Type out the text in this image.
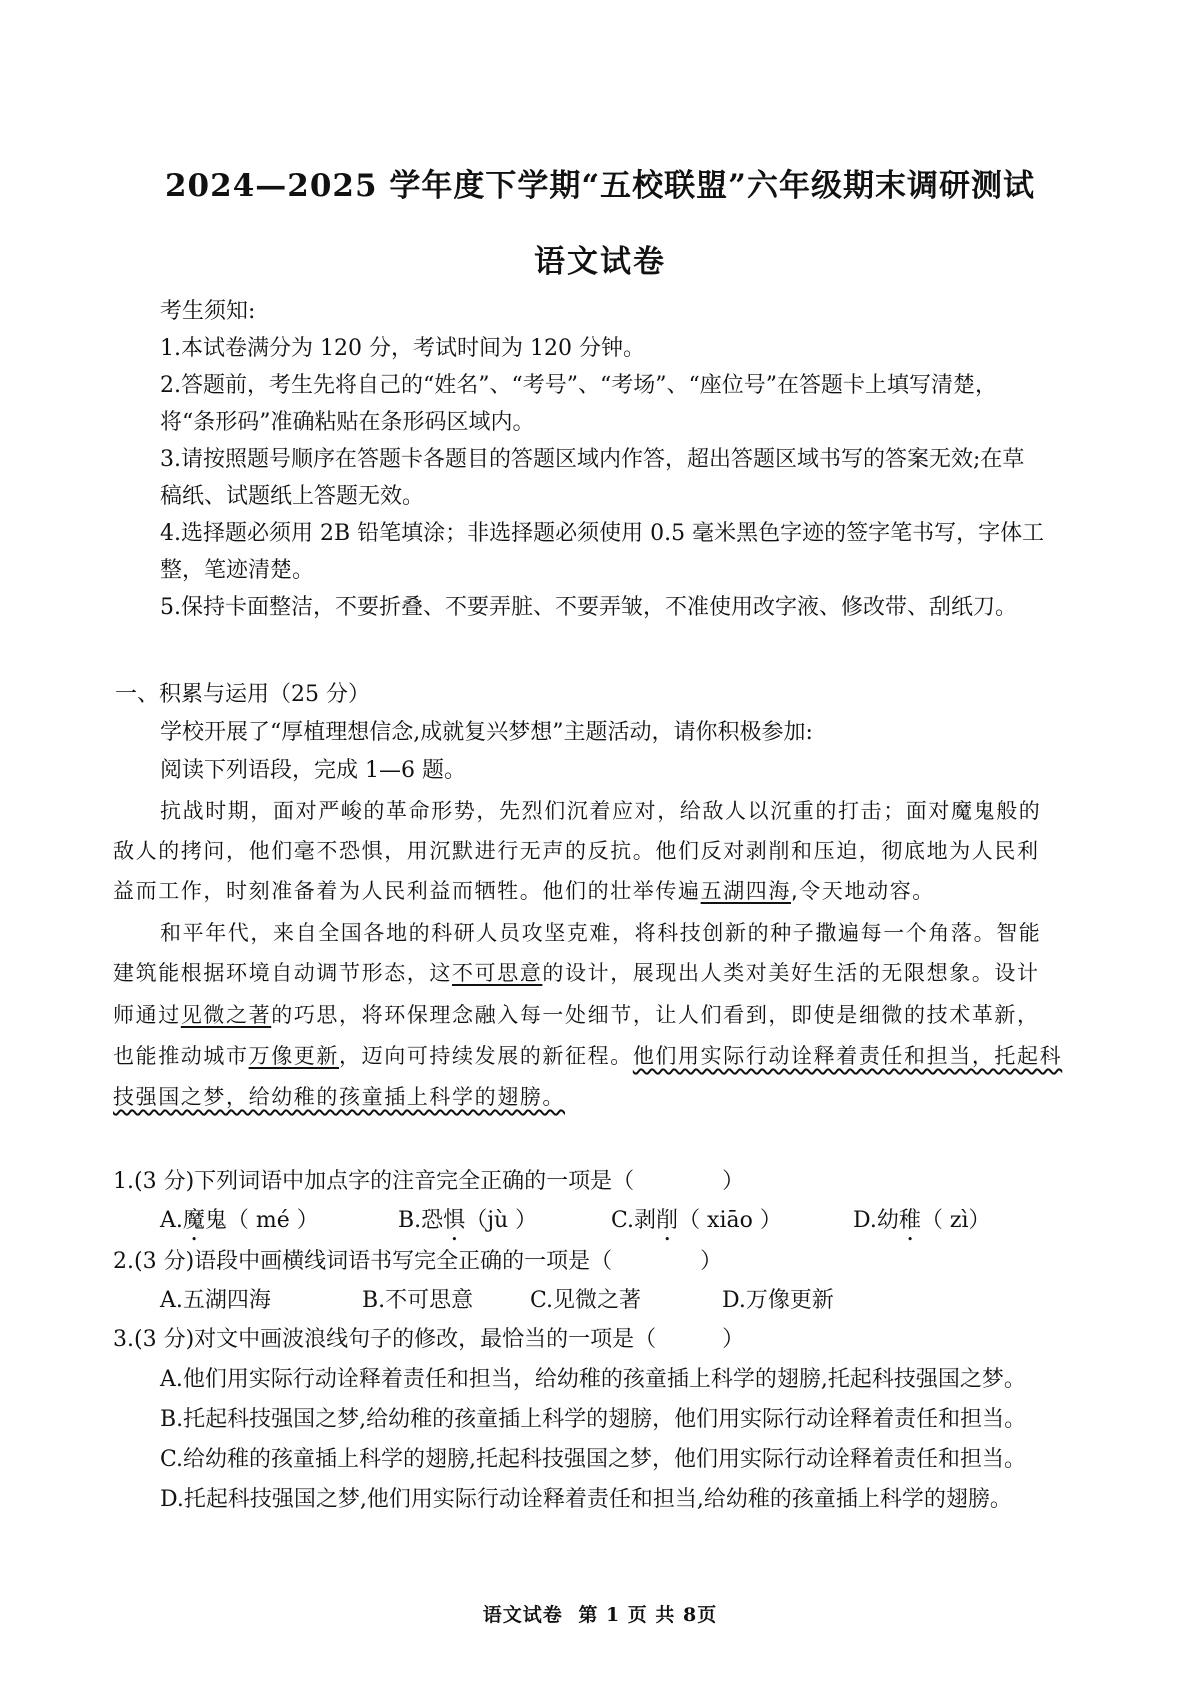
2024—2025 学年度下学期“五校联盟”六年级期末调研测试
语文试卷
考生须知:
1.本试卷满分为 120 分，考试时间为 120 分钟。
2.答题前，考生先将自己的“姓名”、“考号”、“考场”、“座位号”在答题卡上填写清楚，
将“条形码”准确粘贴在条形码区域内。
3.请按照题号顺序在答题卡各题目的答题区域内作答，超出答题区域书写的答案无效;在草
稿纸、试题纸上答题无效。
4.选择题必须用 2B 铅笔填涂；非选择题必须使用 0.5 毫米黑色字迹的签字笔书写，字体工
整，笔迹清楚。
5.保持卡面整洁，不要折叠、不要弄脏、不要弄皱，不准使用改字液、修改带、刮纸刀。
一、积累与运用（25 分）
学校开展了“厚植理想信念,成就复兴梦想”主题活动，请你积极参加:
阅读下列语段，完成 1—6 题。
抗战时期，面对严峻的革命形势，先烈们沉着应对，给敌人以沉重的打击；面对魔鬼般的
敌人的拷问，他们毫不恐惧，用沉默进行无声的反抗。他们反对剥削和压迫，彻底地为人民利
益而工作，时刻准备着为人民利益而牺牲。他们的壮举传遍五湖四海,令天地动容。
和平年代，来自全国各地的科研人员攻坚克难，将科技创新的种子撒遍每一个角落。智能
建筑能根据环境自动调节形态，这不可思意的设计，展现出人类对美好生活的无限想象。设计
师通过见微之著的巧思，将环保理念融入每一处细节，让人们看到，即使是细微的技术革新，
也能推动城市万像更新，迈向可持续发展的新征程。他们用实际行动诠释着责任和担当，托起科
技强国之梦，给幼稚的孩童插上科学的翅膀。
1.(3 分)下列词语中加点字的注音完全正确的一项是（　　　　）
A.魔鬼（ mé ）	B.恐惧（jù ）	C.剥削（ xiāo ）	D.幼稚（ zì）
2.(3 分)语段中画横线词语书写完全正确的一项是（　　　　）
A.五湖四海	B.不可思意	C.见微之著	D.万像更新
3.(3 分)对文中画波浪线句子的修改，最恰当的一项是（　　　）
A.他们用实际行动诠释着责任和担当，给幼稚的孩童插上科学的翅膀,托起科技强国之梦。
B.托起科技强国之梦,给幼稚的孩童插上科学的翅膀，他们用实际行动诠释着责任和担当。
C.给幼稚的孩童插上科学的翅膀,托起科技强国之梦，他们用实际行动诠释着责任和担当。
D.托起科技强国之梦,他们用实际行动诠释着责任和担当,给幼稚的孩童插上科学的翅膀。
语文试卷 第 1 页 共 8页
